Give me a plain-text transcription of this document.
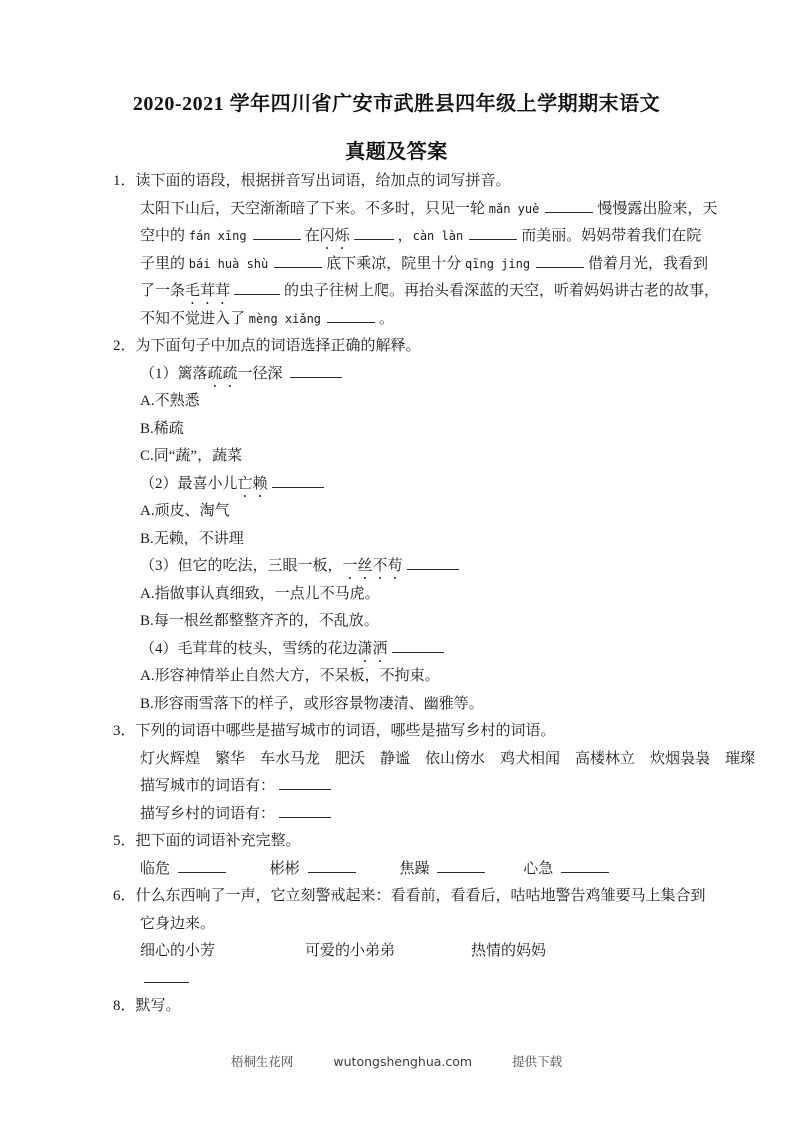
2020-2021 学年四川省广安市武胜县四年级上学期期末语文
真题及答案
1．读下面的语段，根据拼音写出词语，给加点的词写拼音。
太阳下山后，天空渐渐暗了下来。不多时，只见一轮 mǎn yuè	慢慢露出脸来，天
空中的 fán xīng	在闪烁	，càn làn	而美丽。妈妈带着我们在院
子里的 bái huà shù	底下乘凉，院里十分 qīng jing	借着月光，我看到
了一条毛茸茸	的虫子往树上爬。再抬头看深蓝的天空，听着妈妈讲古老的故事，
不知不觉进入了 mèng xiǎng	。
2．为下面句子中加点的词语选择正确的解释。
（1）篱落疏疏一径深
A.不熟悉
B.稀疏
C.同“蔬”，蔬菜
（2）最喜小儿亡赖
A.顽皮、淘气
B.无赖，不讲理
（3）但它的吃法，三眼一板，一丝不苟
A.指做事认真细致，一点儿不马虎。
B.每一根丝都整整齐齐的，不乱放。
（4）毛茸茸的枝头，雪绣的花边潇洒
A.形容神情举止自然大方，不呆板，不拘束。
B.形容雨雪落下的样子，或形容景物凄清、幽雅等。
3．下列的词语中哪些是描写城市的词语，哪些是描写乡村的词语。
灯火辉煌　繁华　车水马龙　肥沃　静谧　依山傍水　鸡犬相闻　高楼林立　炊烟袅袅　璀璨
描写城市的词语有：
描写乡村的词语有：
5．把下面的词语补充完整。
临危	彬彬	焦躁	心急
6．什么东西响了一声，它立刻警戒起来：看看前，看看后，咕咕地警告鸡雏要马上集合到
它身边来。
细心的小芳	可爱的小弟弟	热情的妈妈
8．默写。
梧桐生花网	wutongshenghua.com	提供下载
